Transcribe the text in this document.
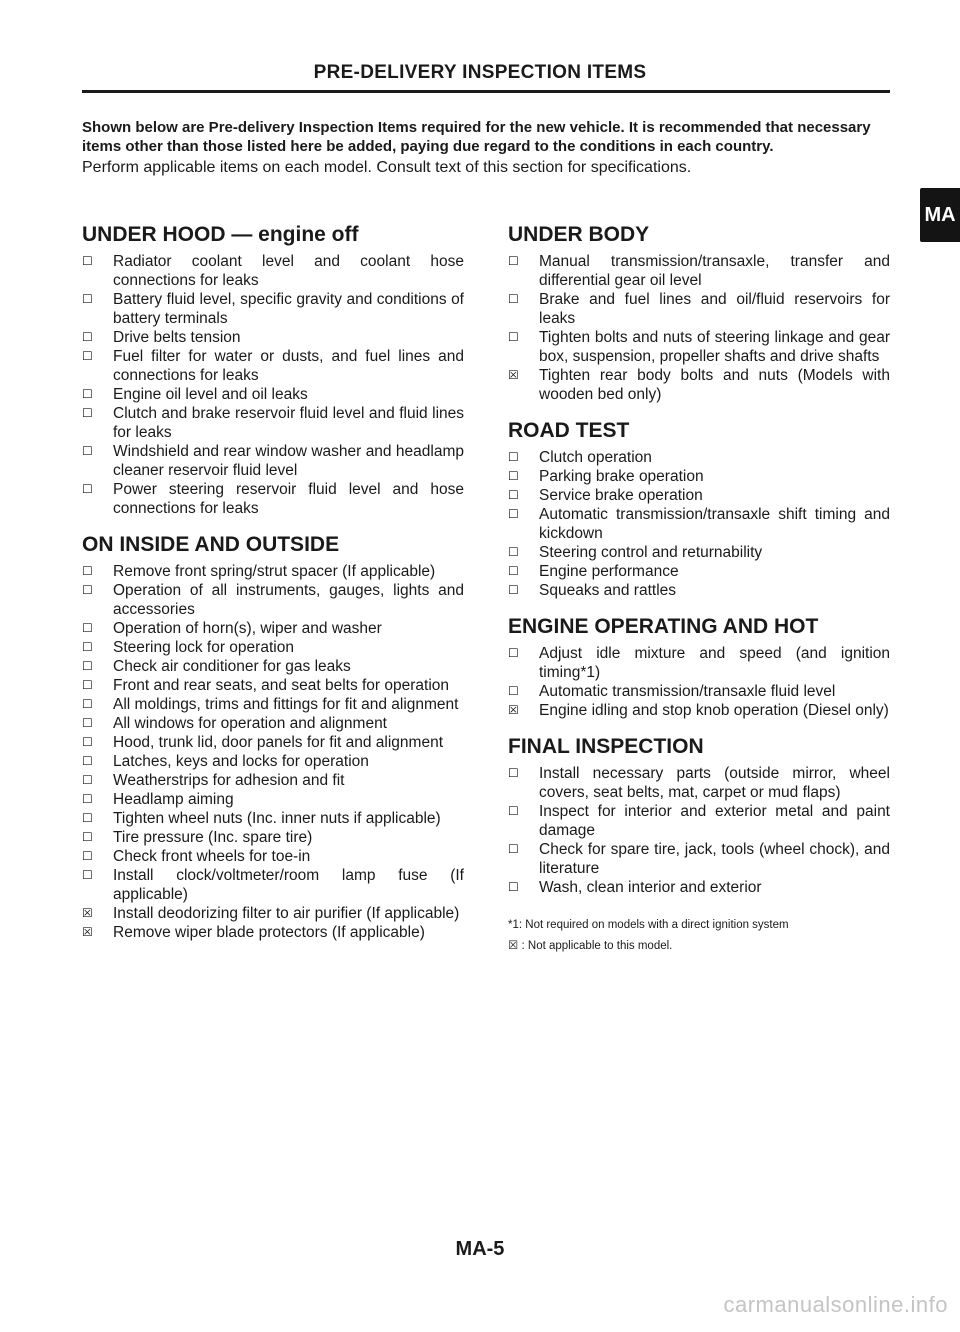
PRE-DELIVERY INSPECTION ITEMS
Shown below are Pre-delivery Inspection Items required for the new vehicle. It is recommended that necessary items other than those listed here be added, paying due regard to the conditions in each country.
Perform applicable items on each model. Consult text of this section for specifications.
MA
UNDER HOOD — engine off
☐	Radiator coolant level and coolant hose connections for leaks
☐	Battery fluid level, specific gravity and conditions of battery terminals
☐	Drive belts tension
☐	Fuel filter for water or dusts, and fuel lines and connections for leaks
☐	Engine oil level and oil leaks
☐	Clutch and brake reservoir fluid level and fluid lines for leaks
☐	Windshield and rear window washer and headlamp cleaner reservoir fluid level
☐	Power steering reservoir fluid level and hose connections for leaks
ON INSIDE AND OUTSIDE
☐	Remove front spring/strut spacer (If applicable)
☐	Operation of all instruments, gauges, lights and accessories
☐	Operation of horn(s), wiper and washer
☐	Steering lock for operation
☐	Check air conditioner for gas leaks
☐	Front and rear seats, and seat belts for operation
☐	All moldings, trims and fittings for fit and alignment
☐	All windows for operation and alignment
☐	Hood, trunk lid, door panels for fit and alignment
☐	Latches, keys and locks for operation
☐	Weatherstrips for adhesion and fit
☐	Headlamp aiming
☐	Tighten wheel nuts (Inc. inner nuts if applicable)
☐	Tire pressure (Inc. spare tire)
☐	Check front wheels for toe-in
☐	Install clock/voltmeter/room lamp fuse (If applicable)
☒	Install deodorizing filter to air purifier (If applicable)
☒	Remove wiper blade protectors (If applicable)
UNDER BODY
☐	Manual transmission/transaxle, transfer and differential gear oil level
☐	Brake and fuel lines and oil/fluid reservoirs for leaks
☐	Tighten bolts and nuts of steering linkage and gear box, suspension, propeller shafts and drive shafts
☒	Tighten rear body bolts and nuts (Models with wooden bed only)
ROAD TEST
☐	Clutch operation
☐	Parking brake operation
☐	Service brake operation
☐	Automatic transmission/transaxle shift timing and kickdown
☐	Steering control and returnability
☐	Engine performance
☐	Squeaks and rattles
ENGINE OPERATING AND HOT
☐	Adjust idle mixture and speed (and ignition timing*1)
☐	Automatic transmission/transaxle fluid level
☒	Engine idling and stop knob operation (Diesel only)
FINAL INSPECTION
☐	Install necessary parts (outside mirror, wheel covers, seat belts, mat, carpet or mud flaps)
☐	Inspect for interior and exterior metal and paint damage
☐	Check for spare tire, jack, tools (wheel chock), and literature
☐	Wash, clean interior and exterior
*1: Not required on models with a direct ignition system
☒ : Not applicable to this model.
MA-5
carmanualsonline.info
